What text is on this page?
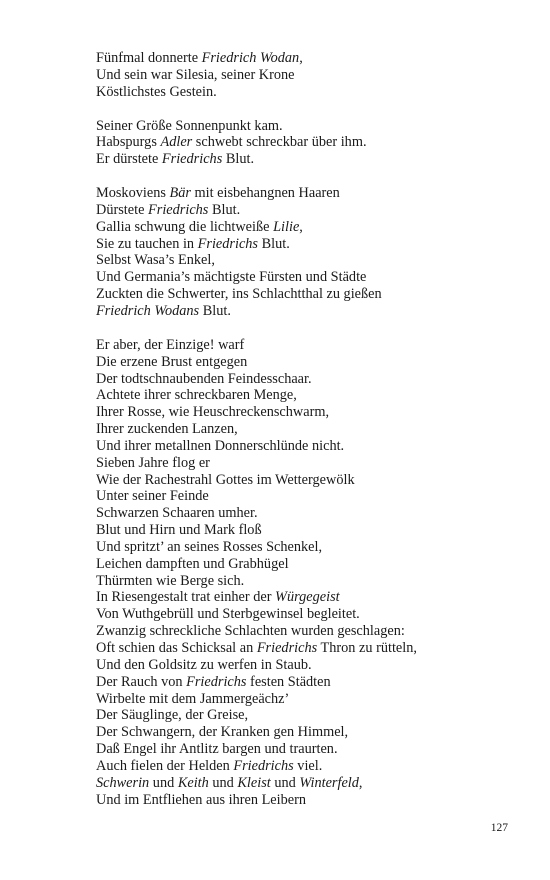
Fünfmal donnerte Friedrich Wodan,
Und sein war Silesia, seiner Krone
Köstlichstes Gestein.
Seiner Größe Sonnenpunkt kam.
Habspurgs Adler schwebt schreckbar über ihm.
Er dürstete Friedrichs Blut.
Moskoviens Bär mit eisbehangnen Haaren
Dürstete Friedrichs Blut.
Gallia schwung die lichtweiße Lilie,
Sie zu tauchen in Friedrichs Blut.
Selbst Wasa’s Enkel,
Und Germania’s mächtigste Fürsten und Städte
Zuckten die Schwerter, ins Schlachtthal zu gießen
Friedrich Wodans Blut.
Er aber, der Einzige! warf
Die erzene Brust entgegen
Der todtschnaubenden Feindesschaar.
Achtete ihrer schreckbaren Menge,
Ihrer Rosse, wie Heuschreckenschwarm,
Ihrer zuckenden Lanzen,
Und ihrer metallnen Donnerschlünde nicht.
Sieben Jahre flog er
Wie der Rachestrahl Gottes im Wettergewölk
Unter seiner Feinde
Schwarzen Schaaren umher.
Blut und Hirn und Mark floß
Und spritzt’ an seines Rosses Schenkel,
Leichen dampften und Grabhügel
Thürmten wie Berge sich.
In Riesengestalt trat einher der Würgegeist
Von Wuthgebrüll und Sterbgewinsel begleitet.
Zwanzig schreckliche Schlachten wurden geschlagen:
Oft schien das Schicksal an Friedrichs Thron zu rütteln,
Und den Goldsitz zu werfen in Staub.
Der Rauch von Friedrichs festen Städten
Wirbelte mit dem Jammergeächz’
Der Säuglinge, der Greise,
Der Schwangern, der Kranken gen Himmel,
Daß Engel ihr Antlitz bargen und traurten.
Auch fielen der Helden Friedrichs viel.
Schwerin und Keith und Kleist und Winterfeld,
Und im Entfliehen aus ihren Leibern
127
